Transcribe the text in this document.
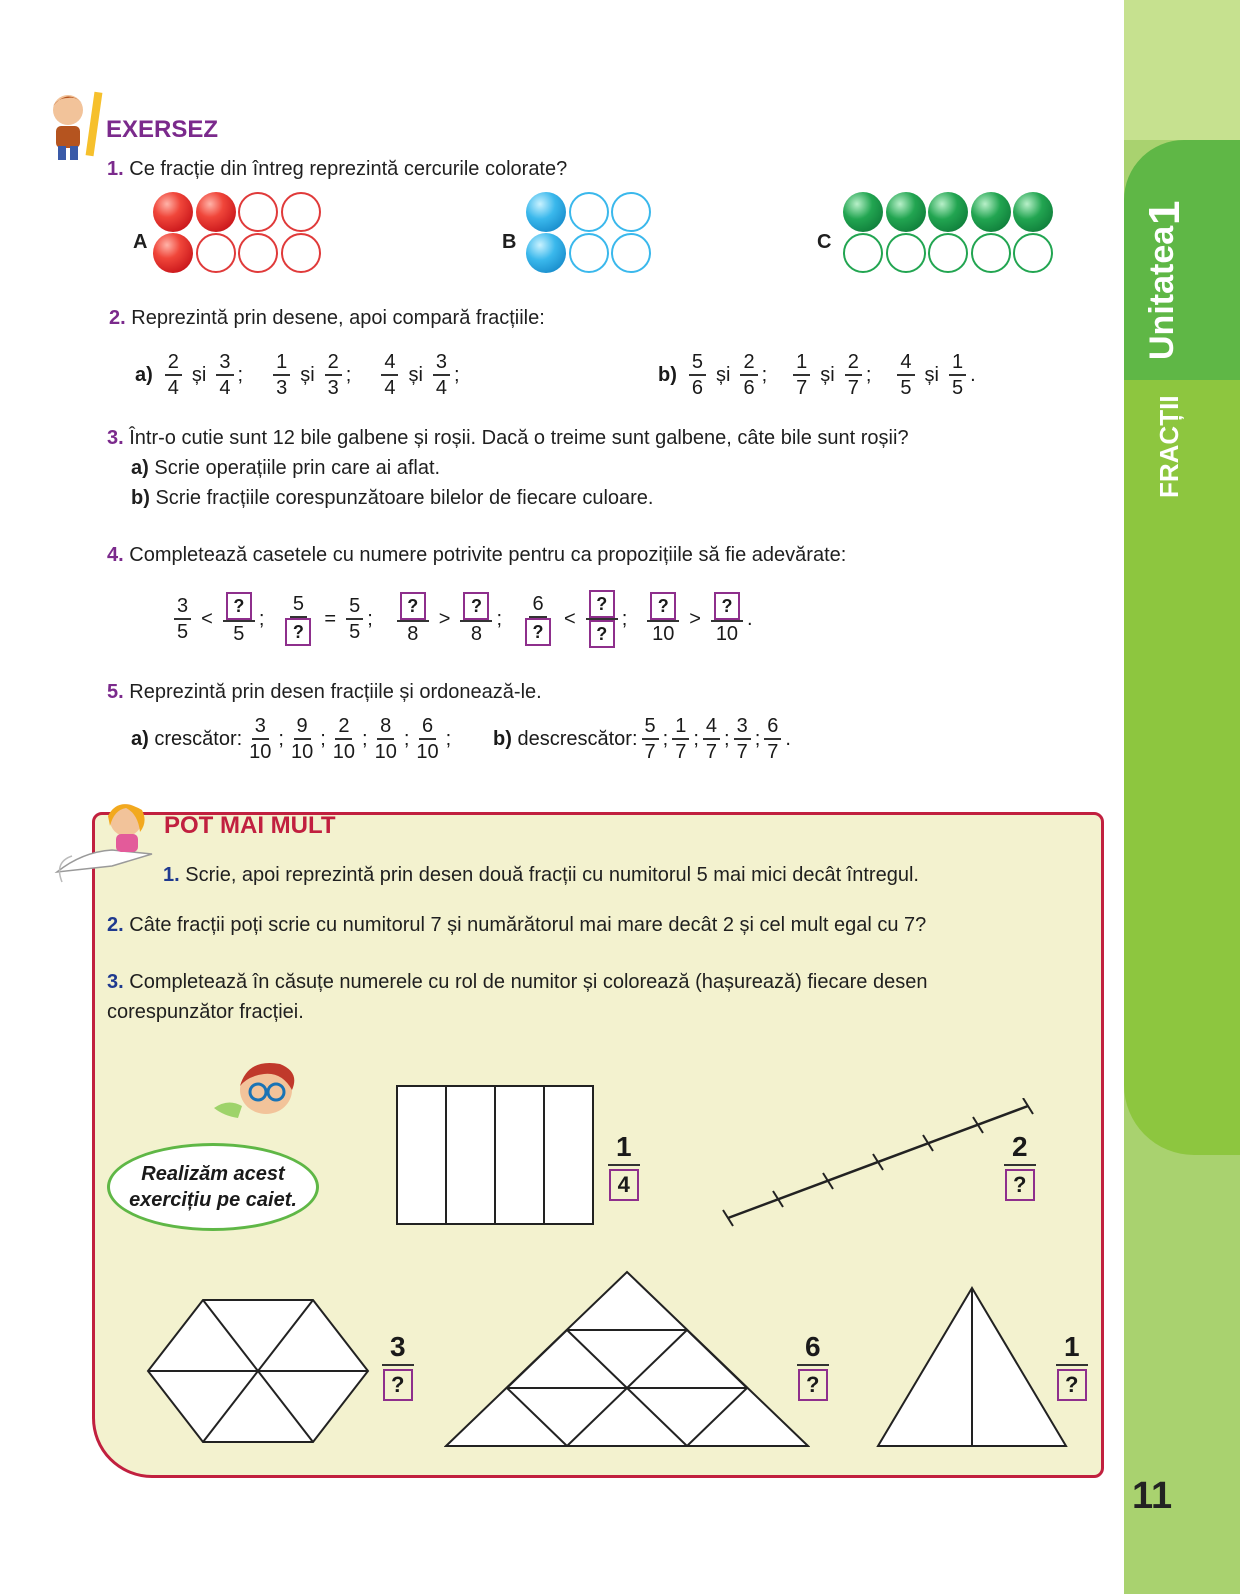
Unitatea
1
FRACȚII
11
EXERSEZ
1. Ce fracție din întreg reprezintă cercurile colorate?
A	B	C
2. Reprezintă prin desene, apoi compară fracțiile:
a)
2
4
și
3
4
;
1
3
și
2
3
;
4
4
și
3
4
;	b)
5
6
și
2
6
;
1
7
și
2
7
;
4
5
și
1
5
.
3. Într-o cutie sunt 12 bile galbene și roșii. Dacă o treime sunt galbene, câte bile sunt roșii?
a) Scrie operațiile prin care ai aflat.
b) Scrie fracțiile corespunzătoare bilelor de fiecare culoare.
4. Completează casetele cu numere potrivite pentru ca propozițiile să fie adevărate:
3
5
<
?
5
;
5
?
= $\frac{5}{5}$ ;
?
8
>
?
8
;
6
?
<
?
?
;
?
10
>
?
10
.
5. Reprezintă prin desen fracțiile și ordonează-le.
a)
crescător:
3
10
;
9
10
;
2
10
;
8
10
;
6
10
; b)
descrescător:
5
7
;
1
7
;
4
7
;
3
7
;
6
7
.
POT MAI MULT
1. Scrie, apoi reprezintă prin desen două fracții cu numitorul 5 mai mici decât întregul.
2. Câte fracții poți scrie cu numitorul 7 și numărătorul mai mare decât 2 și cel mult egal cu 7?
3. Completează în căsuțe numerele cu rol de numitor și colorează (hașurează) fiecare desen
corespunzător fracției.
Realizăm acest
exercițiu pe caiet.
1
4
2
?
3
?
6
?
1
?
